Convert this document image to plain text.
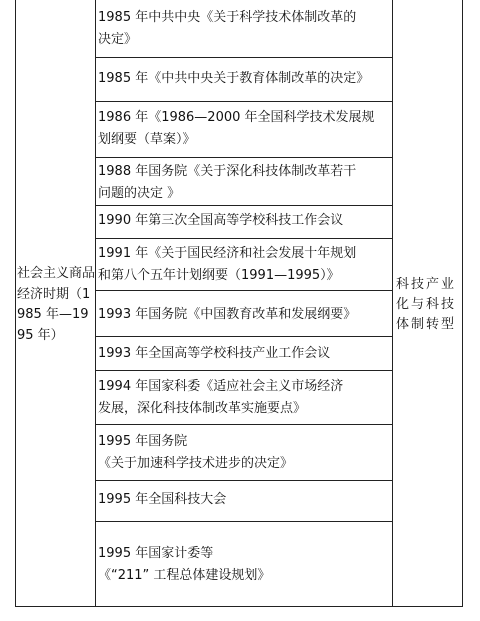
社会主义商品经济时期（1985 年—1995 年）
科技产业化与科技体制转型
1985 年中共中央《关于科学技术体制改革的
决定》
1985 年《中共中央关于教育体制改革的决定》
1986 年《1986—2000 年全国科学技术发展规
划纲要（草案）》
1988 年国务院《关于深化科技体制改革若干
问题的决定 》
1990 年第三次全国高等学校科技工作会议
1991 年《关于国民经济和社会发展十年规划
和第八个五年计划纲要（1991—1995）》
1993 年国务院《中国教育改革和发展纲要》
1993 年全国高等学校科技产业工作会议
1994 年国家科委《适应社会主义市场经济
发展，深化科技体制改革实施要点》
1995 年国务院
《关于加速科学技术进步的决定》
1995 年全国科技大会
1995 年国家计委等
《“211” 工程总体建设规划》
